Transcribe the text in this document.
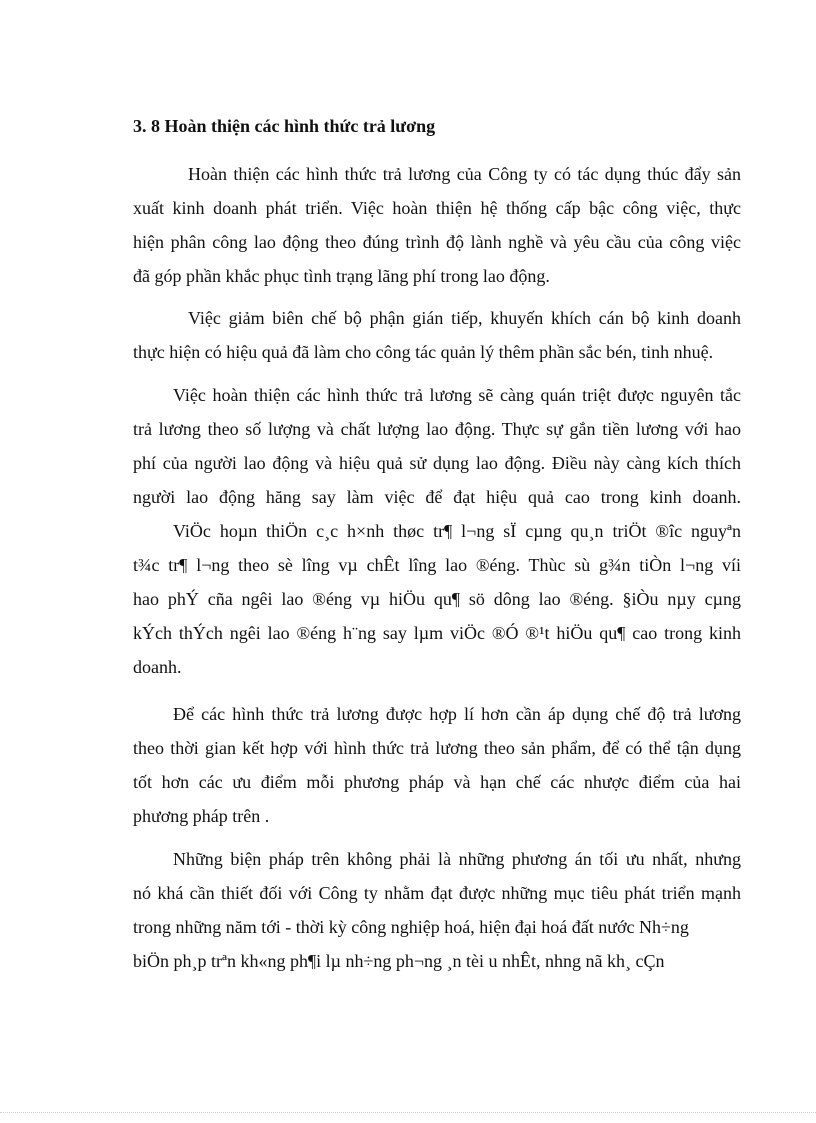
3. 8 Hoàn thiện các hình thức trả lương

Hoàn thiện các hình thức trả lương của Công ty có tác dụng thúc đẩy sản
xuất kinh doanh phát triển. Việc hoàn thiện hệ thống cấp bậc công việc, thực
hiện phân công lao động theo đúng trình độ lành nghề và yêu cầu của công việc
đã góp phần khắc phục tình trạng lãng phí trong lao động.

Việc giảm biên chế bộ phận gián tiếp, khuyến khích cán bộ kinh doanh
thực hiện có hiệu quả đã làm cho công tác quản lý thêm phần sắc bén, tinh nhuệ.

Việc hoàn thiện các hình thức trả lương sẽ càng quán triệt được nguyên tắc
trả lương theo số lượng và chất lượng lao động. Thực sự gắn tiền lương với hao
phí của người lao động và hiệu quả sử dụng lao động. Điều này càng kích thích
người lao động hăng say làm việc để đạt hiệu quả cao trong kinh doanh.
ViÖc hoµn thiÖn c¸c h×nh thøc tr¶ l¬ng sÏ cµng qu¸n triÖt ®îc nguyªn
t¾c tr¶ l¬ng theo sè lîng vµ chÊt lîng lao ®éng. Thùc sù g¾n tiÒn l¬ng víi
hao phÝ cña ngêi lao ®éng vµ hiÖu qu¶ sö dông lao ®éng. §iÒu nµy cµng
kÝch thÝch ngêi lao ®éng h¨ng say lµm viÖc ®Ó ®¹t hiÖu qu¶ cao trong kinh
doanh.

Để các hình thức trả lương được hợp lí hơn cần áp dụng chế độ trả lương
theo thời gian kết hợp với hình thức trả lương theo sản phẩm, để có thể tận dụng
tốt hơn các ưu điểm mỗi phương pháp và hạn chế các nhược điểm của hai
phương pháp trên .

Những biện pháp trên không phải là những phương án tối ưu nhất, nhưng
nó khá cần thiết đối với Công ty nhằm đạt được những mục tiêu phát triển mạnh
trong những năm tới - thời kỳ công nghiệp hoá, hiện đại hoá đất nước Nh÷ng
biÖn ph¸p trªn kh«ng ph¶i lµ nh÷ng ph¬ng ¸n tèi u nhÊt, nhng nã kh¸ cÇn
